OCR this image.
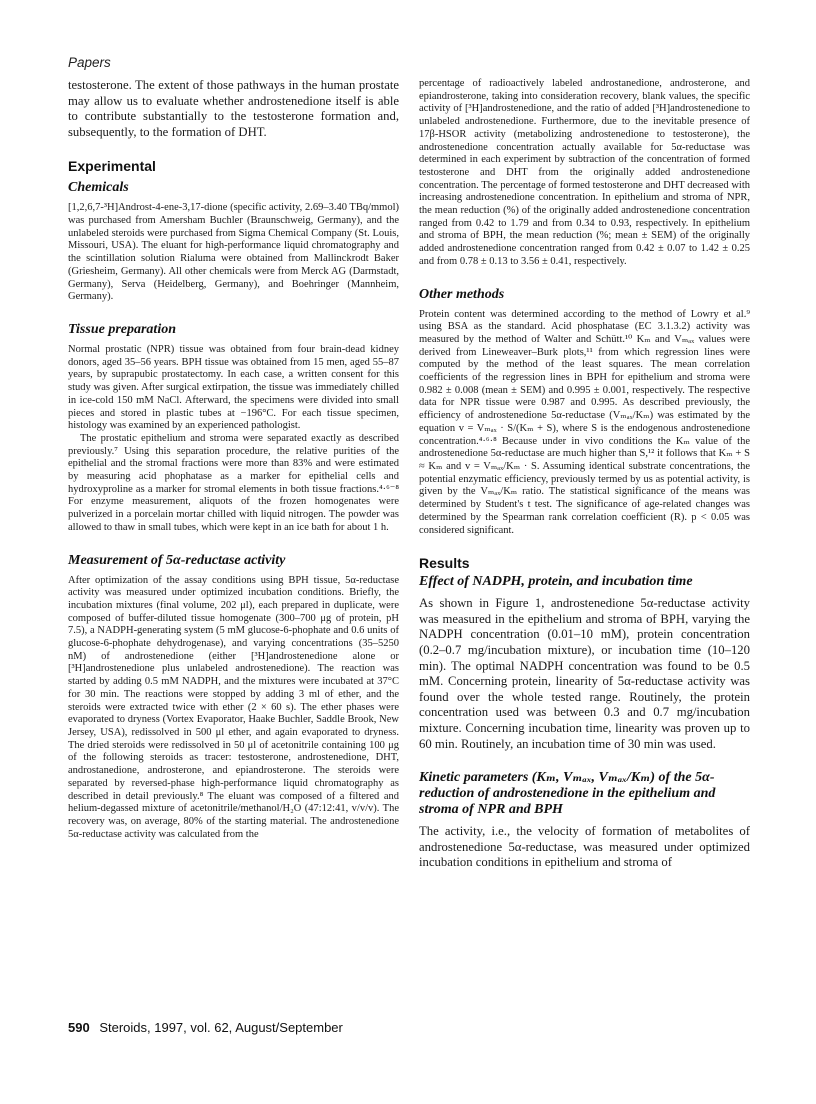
Papers

testosterone. The extent of those pathways in the human prostate may allow us to evaluate whether androstenedione itself is able to contribute substantially to the testosterone formation and, subsequently, to the formation of DHT.

Experimental
Chemicals

[1,2,6,7-³H]Androst-4-ene-3,17-dione (specific activity, 2.69–3.40 TBq/mmol) was purchased from Amersham Buchler (Braunschweig, Germany), and the unlabeled steroids were purchased from Sigma Chemical Company (St. Louis, Missouri, USA). The eluant for high-performance liquid chromatography and the scintillation solution Rialuma were obtained from Mallinckrodt Baker (Griesheim, Germany). All other chemicals were from Merck AG (Darmstadt, Germany), Serva (Heidelberg, Germany), and Boehringer (Mannheim, Germany).

Tissue preparation

Normal prostatic (NPR) tissue was obtained from four brain-dead kidney donors, aged 35–56 years. BPH tissue was obtained from 15 men, aged 55–87 years, by suprapubic prostatectomy. In each case, a written consent for this study was given. After surgical extirpation, the tissue was immediately chilled in ice-cold 150 mM NaCl. Afterward, the specimens were divided into small pieces and stored in plastic tubes at −196°C. For each tissue specimen, histology was examined by an experienced pathologist.

The prostatic epithelium and stroma were separated exactly as described previously.⁷ Using this separation procedure, the relative purities of the epithelial and the stromal fractions were more than 83% and were estimated by measuring acid phophatase as a marker for epithelial cells and hydroxyproline as a marker for stromal elements in both tissue fractions.⁴·⁶⁻⁸ For enzyme measurement, aliquots of the frozen homogenates were pulverized in a porcelain mortar chilled with liquid nitrogen. The powder was allowed to thaw in small tubes, which were kept in an ice bath for about 1 h.

Measurement of 5α-reductase activity

After optimization of the assay conditions using BPH tissue, 5α-reductase activity was measured under optimized incubation conditions. Briefly, the incubation mixtures (final volume, 202 μl), each prepared in duplicate, were composed of buffer-diluted tissue homogenate (300–700 μg of protein, pH 7.5), a NADPH-generating system (5 mM glucose-6-phophate and 0.6 units of glucose-6-phophate dehydrogenase), and varying concentrations (35–5250 nM) of androstenedione (either [³H]androstenedione alone or [³H]androstenedione plus unlabeled androstenedione). The reaction was started by adding 0.5 mM NADPH, and the mixtures were incubated at 37°C for 30 min. The reactions were stopped by adding 3 ml of ether, and the steroids were extracted twice with ether (2 × 60 s). The ether phases were evaporated to dryness (Vortex Evaporator, Haake Buchler, Saddle Brook, New Jersey, USA), redissolved in 500 μl ether, and again evaporated to dryness. The dried steroids were redissolved in 50 μl of acetonitrile containing 100 μg of the following steroids as tracer: testosterone, androstenedione, DHT, androstanedione, androsterone, and epiandrosterone. The steroids were separated by reversed-phase high-performance liquid chromatography as described in detail previously.⁸ The eluant was composed of a filtered and helium-degassed mixture of acetonitrile/methanol/H₂O (47:12:41, v/v/v). The recovery was, on average, 80% of the starting material. The androstenedione 5α-reductase activity was calculated from the

percentage of radioactively labeled androstanedione, androsterone, and epiandrosterone, taking into consideration recovery, blank values, the specific activity of [³H]androstenedione, and the ratio of added [³H]androstenedione to unlabeled androstenedione. Furthermore, due to the inevitable presence of 17β-HSOR activity (metabolizing androstenedione to testosterone), the androstenedione concentration actually available for 5α-reductase was determined in each experiment by subtraction of the concentration of formed testosterone and DHT from the originally added androstenedione concentration. The percentage of formed testosterone and DHT decreased with increasing androstenedione concentration. In epithelium and stroma of NPR, the mean reduction (%) of the originally added androstenedione concentration ranged from 0.42 to 1.79 and from 0.34 to 0.93, respectively. In epithelium and stroma of BPH, the mean reduction (%; mean ± SEM) of the originally added androstenedione concentration ranged from 0.42 ± 0.07 to 1.42 ± 0.25 and from 0.78 ± 0.13 to 3.56 ± 0.41, respectively.

Other methods

Protein content was determined according to the method of Lowry et al.⁹ using BSA as the standard. Acid phosphatase (EC 3.1.3.2) activity was measured by the method of Walter and Schütt.¹⁰ Kₘ and Vₘₐₓ values were derived from Lineweaver–Burk plots,¹¹ from which regression lines were computed by the method of the least squares. The mean correlation coefficients of the regression lines in BPH for epithelium and stroma were 0.982 ± 0.008 (mean ± SEM) and 0.995 ± 0.001, respectively. The respective data for NPR tissue were 0.987 and 0.995. As described previously, the efficiency of androstenedione 5α-reductase (Vₘₐₓ/Kₘ) was estimated by the equation v = Vₘₐₓ · S/(Kₘ + S), where S is the endogenous androstenedione concentration.⁴·⁶·⁸ Because under in vivo conditions the Kₘ value of the androstenedione 5α-reductase are much higher than S,¹² it follows that Kₘ + S ≈ Kₘ and v = Vₘₐₓ/Kₘ · S. Assuming identical substrate concentrations, the potential enzymatic efficiency, previously termed by us as potential activity, is given by the Vₘₐₓ/Kₘ ratio. The statistical significance of the means was determined by Student's t test. The significance of age-related changes was determined by the Spearman rank correlation coefficient (R). p < 0.05 was considered significant.

Results
Effect of NADPH, protein, and incubation time

As shown in Figure 1, androstenedione 5α-reductase activity was measured in the epithelium and stroma of BPH, varying the NADPH concentration (0.01–10 mM), protein concentration (0.2–0.7 mg/incubation mixture), or incubation time (10–120 min). The optimal NADPH concentration was found to be 0.5 mM. Concerning protein, linearity of 5α-reductase activity was found over the whole tested range. Routinely, the protein concentration used was between 0.3 and 0.7 mg/incubation mixture. Concerning incubation time, linearity was proven up to 60 min. Routinely, an incubation time of 30 min was used.

Kinetic parameters (Kₘ, Vₘₐₓ, Vₘₐₓ/Kₘ) of the 5α-reduction of androstenedione in the epithelium and stroma of NPR and BPH

The activity, i.e., the velocity of formation of metabolites of androstenedione 5α-reductase, was measured under optimized incubation conditions in epithelium and stroma of

590 Steroids, 1997, vol. 62, August/September
